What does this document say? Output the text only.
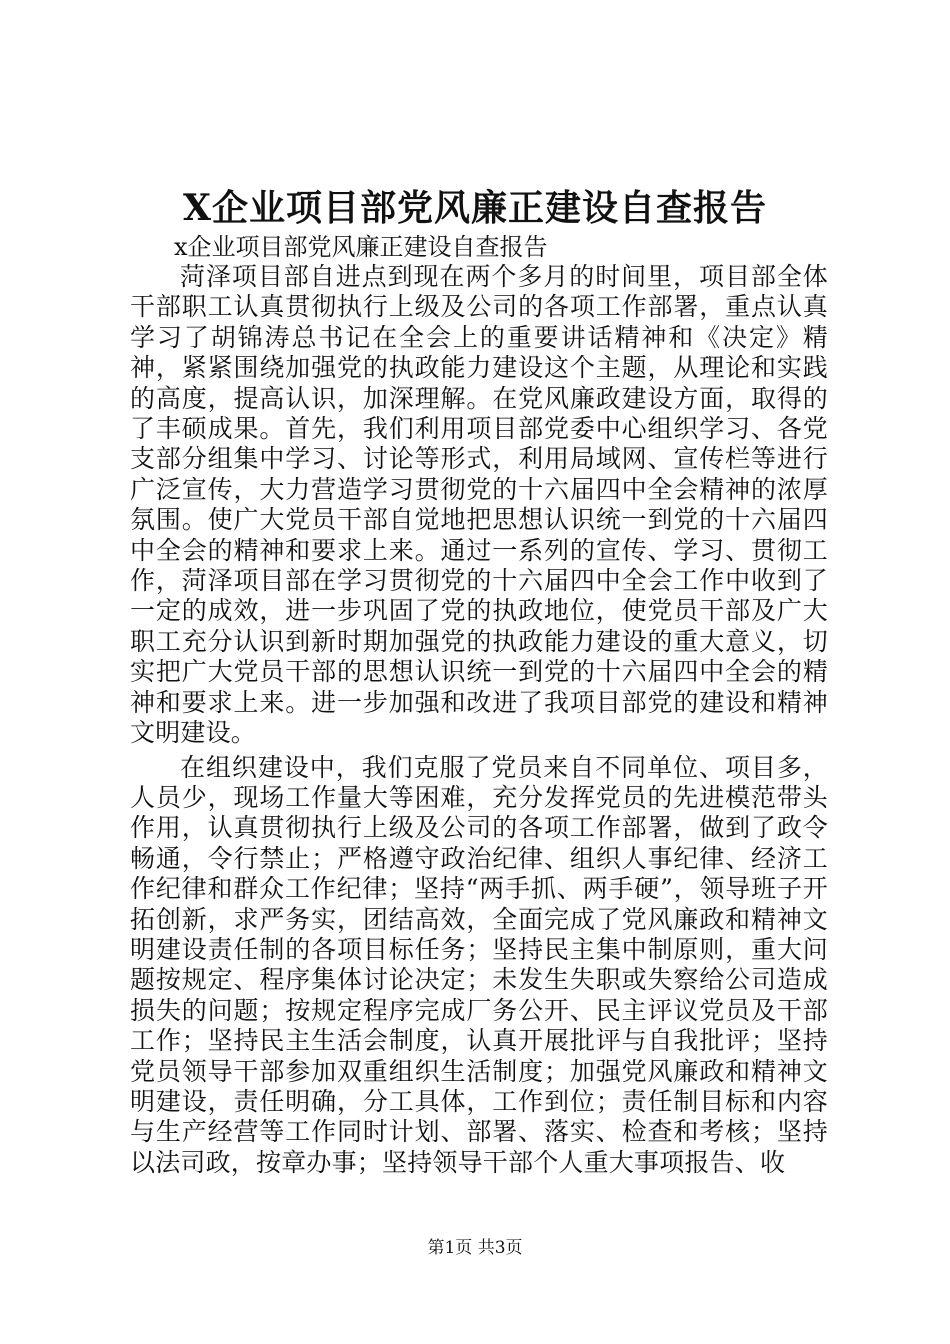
X企业项目部党风廉正建设自查报告

x企业项目部党风廉正建设自查报告

菏泽项目部自进点到现在两个多月的时间里，项目部全体干部职工认真贯彻执行上级及公司的各项工作部署，重点认真学习了胡锦涛总书记在全会上的重要讲话精神和《决定》精神，紧紧围绕加强党的执政能力建设这个主题，从理论和实践的高度，提高认识，加深理解。在党风廉政建设方面，取得的了丰硕成果。首先，我们利用项目部党委中心组织学习、各党支部分组集中学习、讨论等形式，利用局域网、宣传栏等进行广泛宣传，大力营造学习贯彻党的十六届四中全会精神的浓厚氛围。使广大党员干部自觉地把思想认识统一到党的十六届四中全会的精神和要求上来。通过一系列的宣传、学习、贯彻工作，菏泽项目部在学习贯彻党的十六届四中全会工作中收到了一定的成效，进一步巩固了党的执政地位，使党员干部及广大职工充分认识到新时期加强党的执政能力建设的重大意义，切实把广大党员干部的思想认识统一到党的十六届四中全会的精神和要求上来。进一步加强和改进了我项目部党的建设和精神文明建设。

在组织建设中，我们克服了党员来自不同单位、项目多，人员少，现场工作量大等困难，充分发挥党员的先进模范带头作用，认真贯彻执行上级及公司的各项工作部署，做到了政令畅通，令行禁止；严格遵守政治纪律、组织人事纪律、经济工作纪律和群众工作纪律；坚持“两手抓、两手硬”，领导班子开拓创新，求严务实，团结高效，全面完成了党风廉政和精神文明建设责任制的各项目标任务；坚持民主集中制原则，重大问题按规定、程序集体讨论决定；未发生失职或失察给公司造成损失的问题；按规定程序完成厂务公开、民主评议党员及干部工作；坚持民主生活会制度，认真开展批评与自我批评；坚持党员领导干部参加双重组织生活制度；加强党风廉政和精神文明建设，责任明确，分工具体，工作到位；责任制目标和内容与生产经营等工作同时计划、部署、落实、检查和考核；坚持以法司政，按章办事；坚持领导干部个人重大事项报告、收

第1页 共3页
